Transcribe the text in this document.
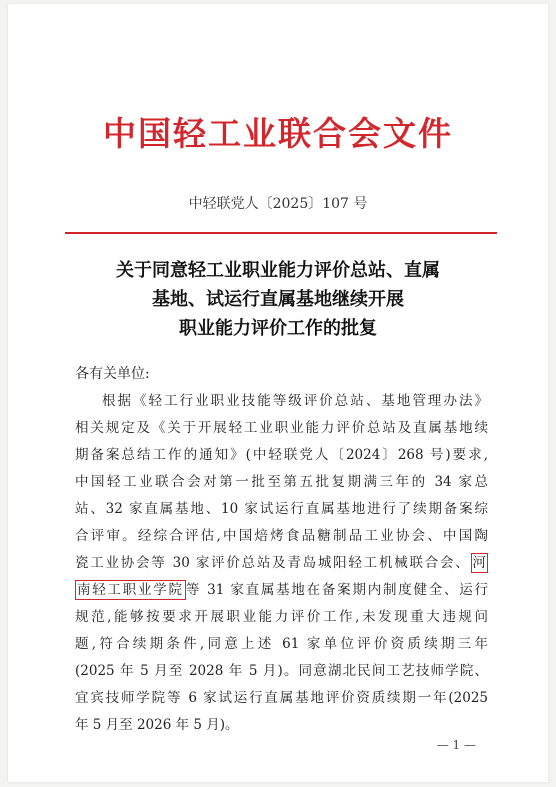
中国轻工业联合会文件
中轻联党人〔2025〕107 号
关于同意轻工业职业能力评价总站、直属
基地、试运行直属基地继续开展
职业能力评价工作的批复
各有关单位:
根据《轻工行业职业技能等级评价总站、基地管理办法》
相关规定及《关于开展轻工业职业能力评价总站及直属基地续
期备案总结工作的通知》(中轻联党人〔2024〕268 号)要求,
中国轻工业联合会对第一批至第五批复期满三年的 34 家总
站、32 家直属基地、10 家试运行直属基地进行了续期备案综
合评审。经综合评估,中国焙烤食品糖制品工业协会、中国陶
瓷工业协会等 30 家评价总站及青岛城阳轻工机械联合会、 河
南轻工职业学院 等 31 家直属基地在备案期内制度健全、运行
规范,能够按要求开展职业能力评价工作,未发现重大违规问
题,符合续期条件,同意上述 61 家单位评价资质续期三年
(2025 年 5 月至 2028 年 5 月)。同意湖北民间工艺技师学院、
宜宾技师学院等 6 家试运行直属基地评价资质续期一年(2025
年 5 月至 2026 年 5 月)。
— 1 —
